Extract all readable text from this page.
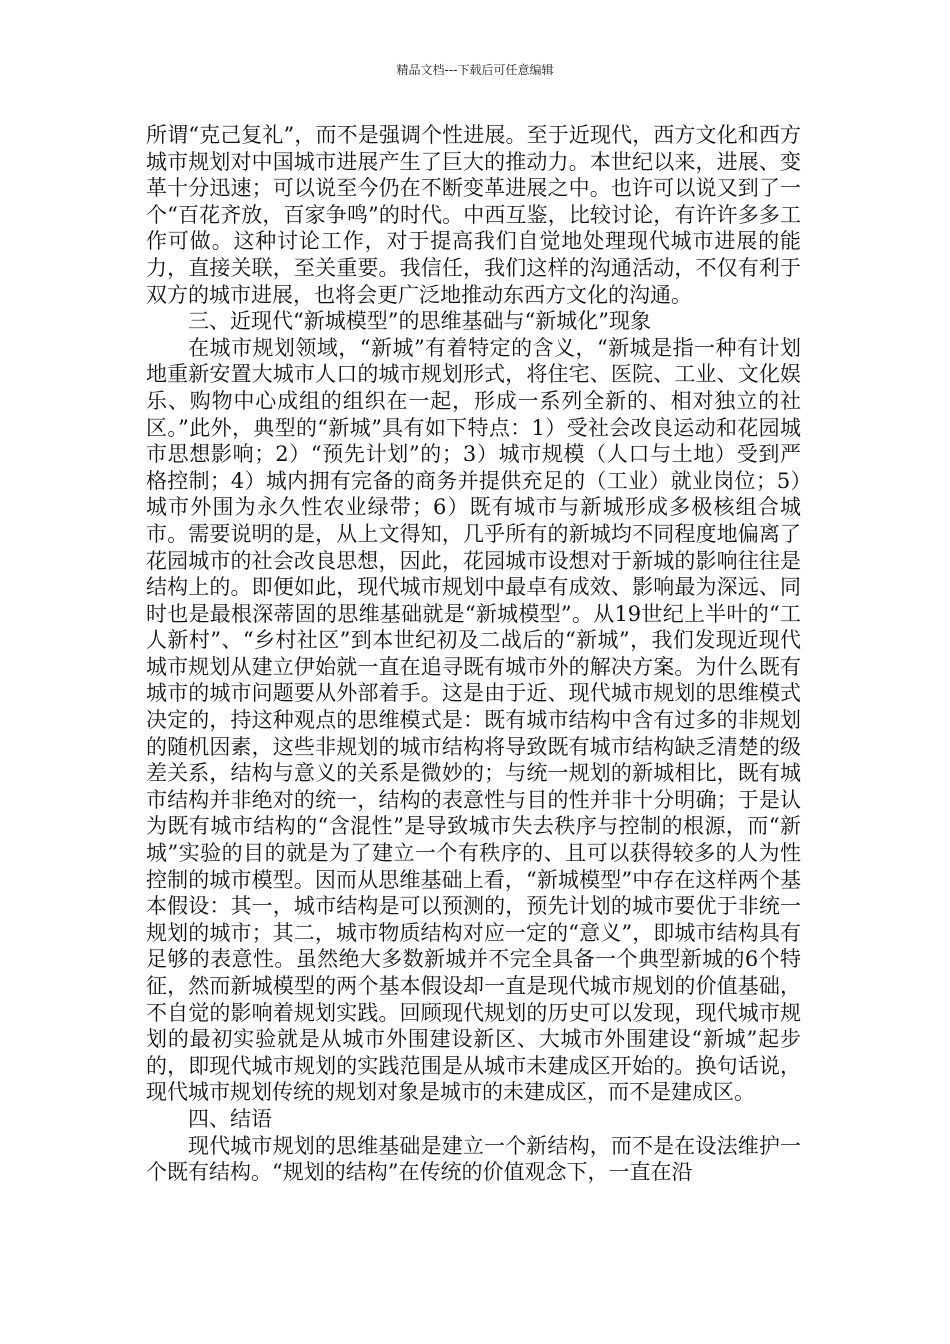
精品文档---下载后可任意编辑

所谓“克己复礼”，而不是强调个性进展。至于近现代，西方文化和西方城市规划对中国城市进展产生了巨大的推动力。本世纪以来，进展、变革十分迅速；可以说至今仍在不断变革进展之中。也许可以说又到了一个“百花齐放，百家争鸣”的时代。中西互鉴，比较讨论，有许许多多工作可做。这种讨论工作，对于提高我们自觉地处理现代城市进展的能力，直接关联，至关重要。我信任，我们这样的沟通活动，不仅有利于双方的城市进展，也将会更广泛地推动东西方文化的沟通。

三、近现代“新城模型”的思维基础与“新城化”现象

在城市规划领域，“新城”有着特定的含义，“新城是指一种有计划地重新安置大城市人口的城市规划形式，将住宅、医院、工业、文化娱乐、购物中心成组的组织在一起，形成一系列全新的、相对独立的社区。”此外，典型的“新城”具有如下特点：1）受社会改良运动和花园城市思想影响；2）“预先计划”的；3）城市规模（人口与土地）受到严格控制；4）城内拥有完备的商务并提供充足的（工业）就业岗位；5）城市外围为永久性农业绿带；6）既有城市与新城形成多极核组合城市。需要说明的是，从上文得知，几乎所有的新城均不同程度地偏离了花园城市的社会改良思想，因此，花园城市设想对于新城的影响往往是结构上的。即便如此，现代城市规划中最卓有成效、影响最为深远、同时也是最根深蒂固的思维基础就是“新城模型”。从19世纪上半叶的“工人新村”、“乡村社区”到本世纪初及二战后的“新城”，我们发现近现代城市规划从建立伊始就一直在追寻既有城市外的解决方案。为什么既有城市的城市问题要从外部着手。这是由于近、现代城市规划的思维模式决定的，持这种观点的思维模式是：既有城市结构中含有过多的非规划的随机因素，这些非规划的城市结构将导致既有城市结构缺乏清楚的级差关系，结构与意义的关系是微妙的；与统一规划的新城相比，既有城市结构并非绝对的统一，结构的表意性与目的性并非十分明确；于是认为既有城市结构的“含混性”是导致城市失去秩序与控制的根源，而“新城”实验的目的就是为了建立一个有秩序的、且可以获得较多的人为性控制的城市模型。因而从思维基础上看，“新城模型”中存在这样两个基本假设：其一，城市结构是可以预测的，预先计划的城市要优于非统一规划的城市；其二，城市物质结构对应一定的“意义”，即城市结构具有足够的表意性。虽然绝大多数新城并不完全具备一个典型新城的6个特征，然而新城模型的两个基本假设却一直是现代城市规划的价值基础，不自觉的影响着规划实践。回顾现代规划的历史可以发现，现代城市规划的最初实验就是从城市外围建设新区、大城市外围建设“新城”起步的，即现代城市规划的实践范围是从城市未建成区开始的。换句话说，现代城市规划传统的规划对象是城市的未建成区，而不是建成区。

四、结语

现代城市规划的思维基础是建立一个新结构，而不是在设法维护一个既有结构。“规划的结构”在传统的价值观念下，一直在沿
